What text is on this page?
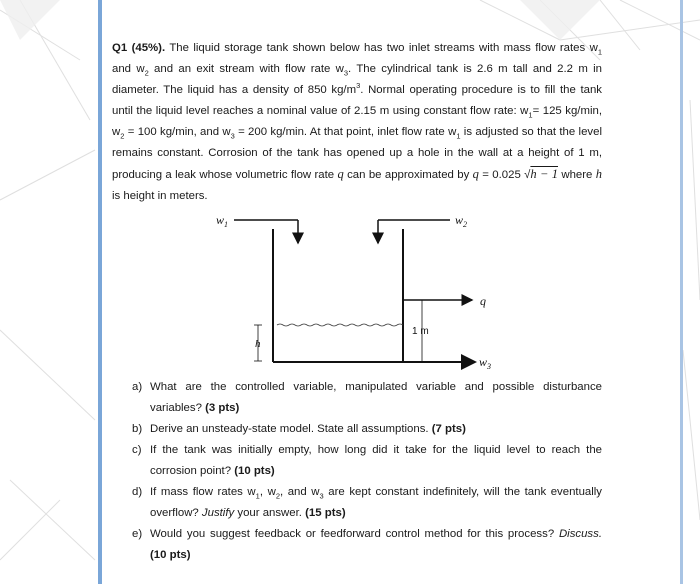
Q1 (45%). The liquid storage tank shown below has two inlet streams with mass flow rates $w_1$ and $w_2$ and an exit stream with flow rate $w_3$. The cylindrical tank is 2.6 m tall and 2.2 m in diameter. The liquid has a density of 850 $kg/m^3$. Normal operating procedure is to fill the tank until the liquid level reaches a nominal value of 2.15 m using constant flow rate: $w_1= 125$ kg/min, $w_2 = 100$ kg/min, and $w_3 = 200$ kg/min. At that point, inlet flow rate $w_1$ is adjusted so that the level remains constant. Corrosion of the tank has opened up a hole in the wall at a height of 1 m, producing a leak whose volumetric flow rate q can be approximated by q = 0.025 √h − 1 where h is height in meters.

$w_1$	$w_2$
$w_3$
q
h
1 m
a) What are the controlled variable, manipulated variable and possible disturbance variables? (3 pts)
b) Derive an unsteady-state model. State all assumptions. (7 pts)
c) If the tank was initially empty, how long did it take for the liquid level to reach the corrosion point? (10 pts)
d) If mass flow rates $w_1$, $w_2$, and $w_3$ are kept constant indefinitely, will the tank eventually overflow? Justify your answer. (15 pts)
e) Would you suggest feedback or feedforward control method for this process? Discuss. (10 pts)
